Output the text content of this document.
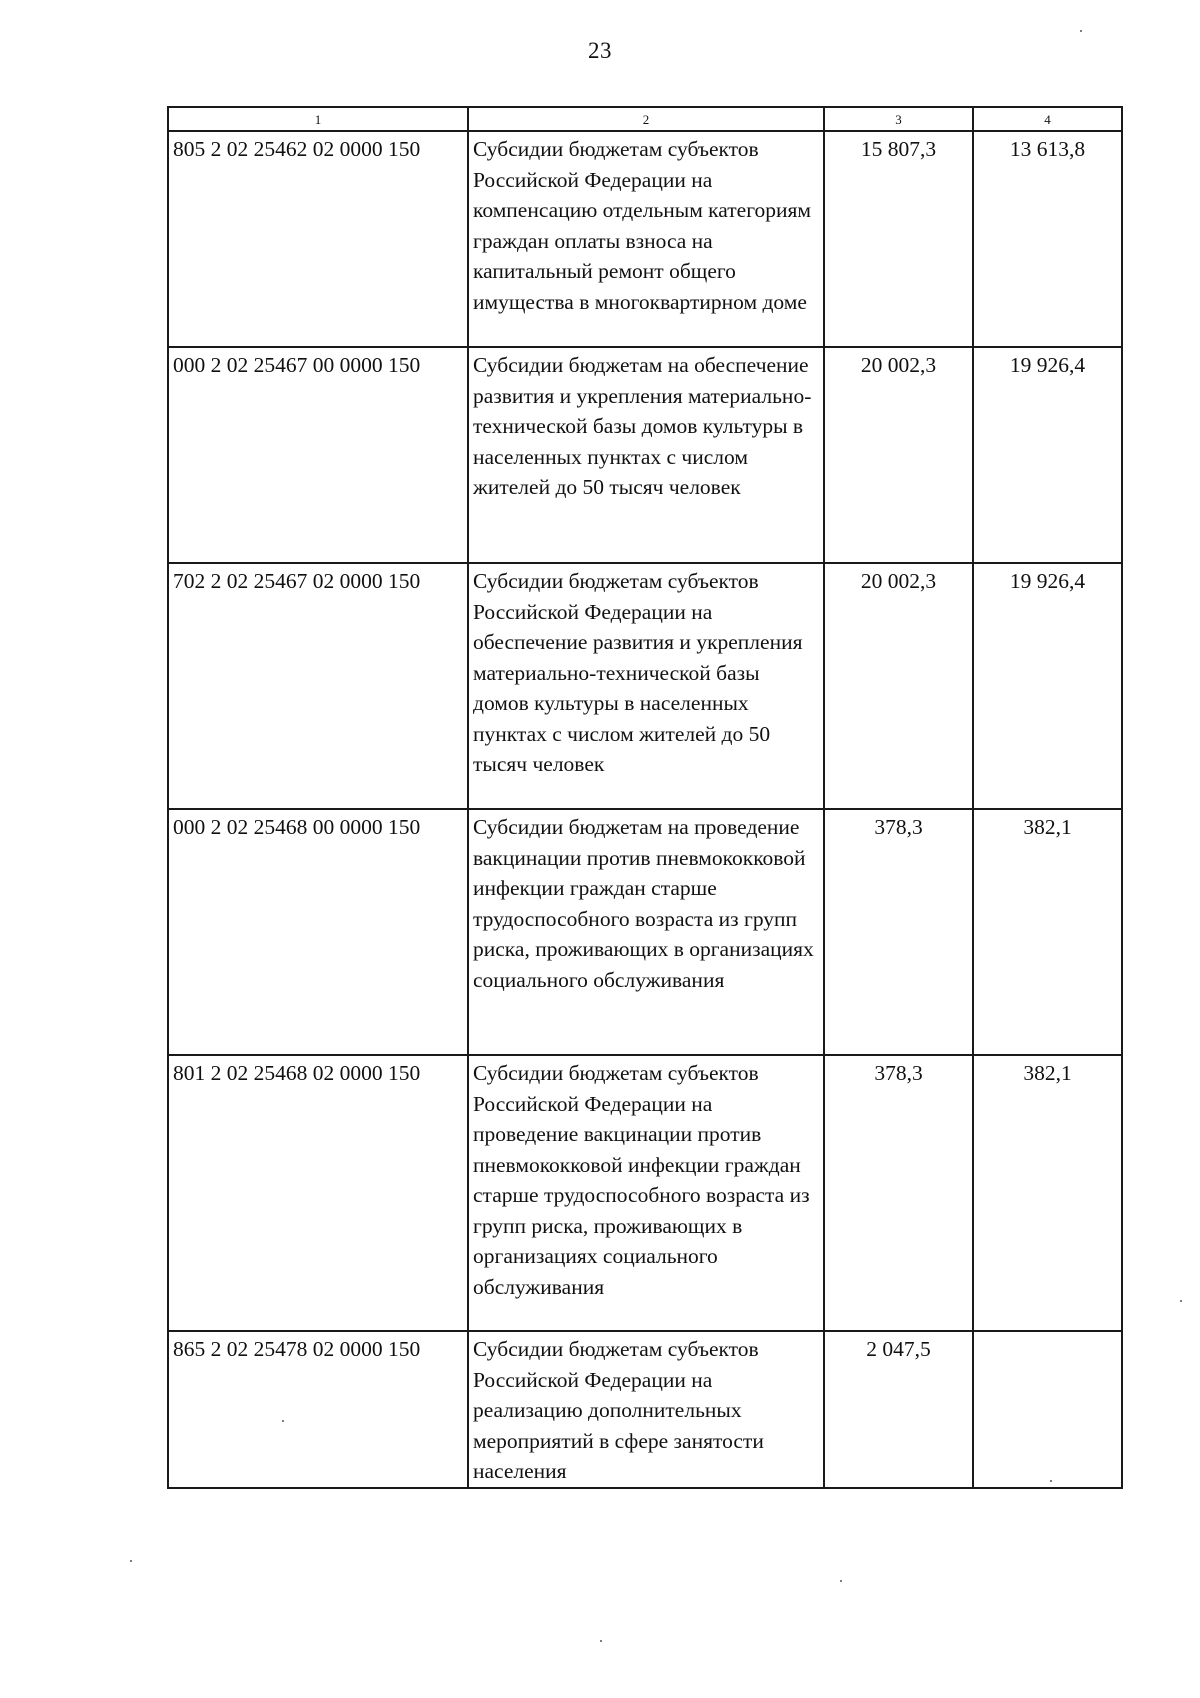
23
1	2	3	4
805 2 02 25462 02 0000 150	Субсидии бюджетам субъектов Российской Федерации на компенсацию отдельным категориям граждан оплаты взноса на капитальный ремонт общего имущества в многоквартирном доме	15 807,3	13 613,8
000 2 02 25467 00 0000 150	Субсидии бюджетам на обеспечение развития и укрепления материально-технической базы домов культуры в населенных пунктах с числом жителей до 50 тысяч человек	20 002,3	19 926,4
702 2 02 25467 02 0000 150	Субсидии бюджетам субъектов Российской Федерации на обеспечение развития и укрепления материально-технической базы домов культуры в населенных пунктах с числом жителей до 50 тысяч человек	20 002,3	19 926,4
000 2 02 25468 00 0000 150	Субсидии бюджетам на проведение вакцинации против пневмококковой инфекции граждан старше трудоспособного возраста из групп риска, проживающих в организациях социального обслуживания	378,3	382,1
801 2 02 25468 02 0000 150	Субсидии бюджетам субъектов Российской Федерации на проведение вакцинации против пневмококковой инфекции граждан старше трудоспособного возраста из групп риска, проживающих в организациях социального обслуживания	378,3	382,1
865 2 02 25478 02 0000 150	Субсидии бюджетам субъектов Российской Федерации на реализацию дополнительных мероприятий в сфере занятости населения	2 047,5	
